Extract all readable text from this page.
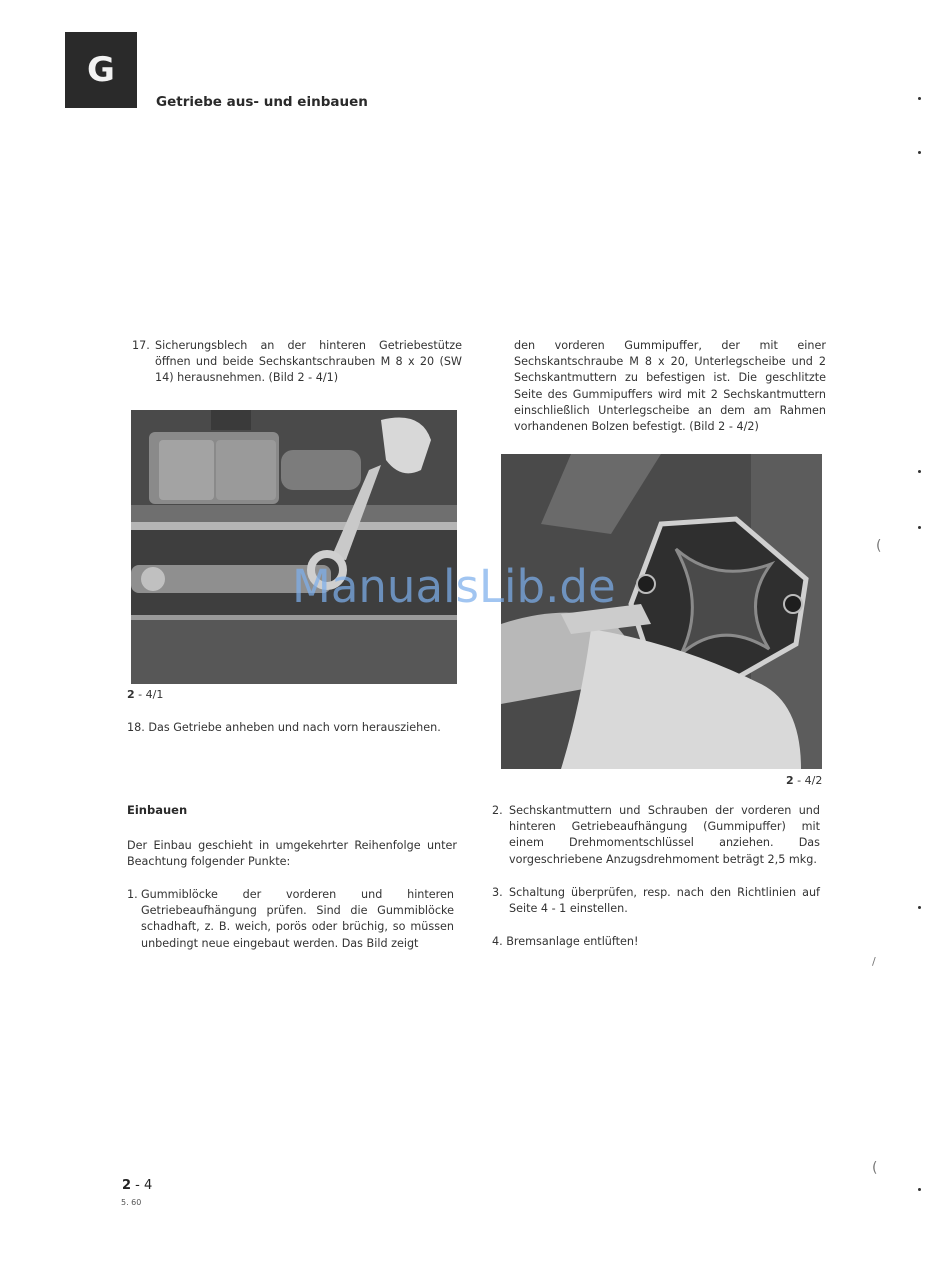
G
Getriebe aus- und einbauen
17. Sicherungsblech an der hinteren Getriebestütze öffnen und beide Sechskantschrauben M 8 x 20 (SW 14) herausnehmen. (Bild 2 - 4/1)
2 - 4/1
18. Das Getriebe anheben und nach vorn herausziehen.
Einbauen
Der Einbau geschieht in umgekehrter Reihenfolge unter Beachtung folgender Punkte:
1. Gummiblöcke der vorderen und hinteren Getriebeaufhängung prüfen. Sind die Gummiblöcke schadhaft, z. B. weich, porös oder brüchig, so müssen unbedingt neue eingebaut werden. Das Bild zeigt
den vorderen Gummipuffer, der mit einer Sechskantschraube M 8 x 20, Unterlegscheibe und 2 Sechskantmuttern zu befestigen ist. Die geschlitzte Seite des Gummipuffers wird mit 2 Sechskantmuttern einschließlich Unterlegscheibe an dem am Rahmen vorhandenen Bolzen befestigt. (Bild 2 - 4/2)
2 - 4/2
2. Sechskantmuttern und Schrauben der vorderen und hinteren Getriebeaufhängung (Gummipuffer) mit einem Drehmomentschlüssel anziehen. Das vorgeschriebene Anzugsdrehmoment beträgt 2,5 mkg.
3. Schaltung überprüfen, resp. nach den Richtlinien auf Seite 4 - 1 einstellen.
4. Bremsanlage entlüften!
ManualsLib.de
2 - 4
5. 60
(
(
/
